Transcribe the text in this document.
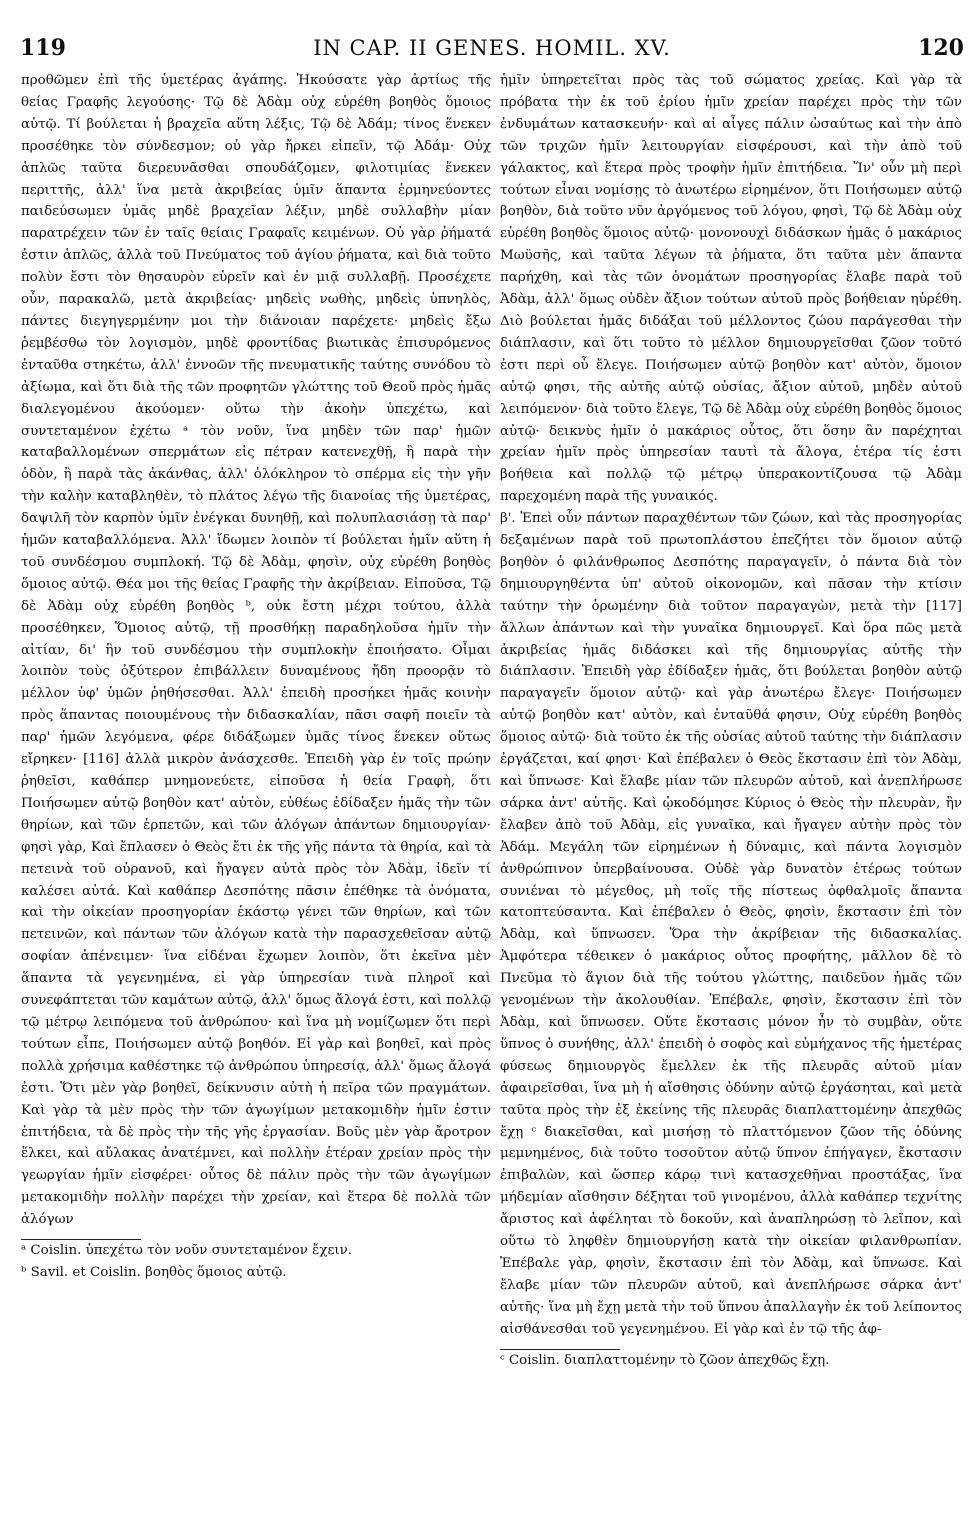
119	IN CAP. II GENES. HOMIL. XV.	120

προθῶμεν ἐπὶ τῆς ὑμετέρας ἀγάπης. Ἠκούσατε γὰρ ἀρτίως τῆς θείας Γραφῆς λεγούσης· Τῷ δὲ Ἀδὰμ οὐχ εὑρέθη βοηθὸς ὅμοιος αὐτῷ. Τί βούλεται ἡ βραχεῖα αὕτη λέξις, Τῷ δὲ Ἀδάμ; τίνος ἕνεκεν προσέθηκε τὸν σύνδεσμον; οὐ γὰρ ἤρκει εἰπεῖν, τῷ Ἀδάμ· Οὐχ ἁπλῶς ταῦτα διερευνᾶσθαι σπουδάζομεν, φιλοτιμίας ἕνεκεν περιττῆς, ἀλλ' ἵνα μετὰ ἀκριβείας ὑμῖν ἅπαντα ἑρμηνεύοντες παιδεύσωμεν ὑμᾶς μηδὲ βραχεῖαν λέξιν, μηδὲ συλλαβὴν μίαν παρατρέχειν τῶν ἐν ταῖς θείαις Γραφαῖς κειμένων. Οὐ γὰρ ῥήματά ἐστιν ἁπλῶς, ἀλλὰ τοῦ Πνεύματος τοῦ ἁγίου ῥήματα, καὶ διὰ τοῦτο πολὺν ἔστι τὸν θησαυρὸν εὑρεῖν καὶ ἐν μιᾷ συλλαβῇ. Προσέχετε οὖν, παρακαλῶ, μετὰ ἀκριβείας· μηδεὶς νωθὴς, μηδεὶς ὑπνηλὸς, πάντες διεγηγερμένην μοι τὴν διάνοιαν παρέχετε· μηδεὶς ἔξω ῥεμβέσθω τὸν λογισμὸν, μηδὲ φροντίδας βιωτικὰς ἐπισυρόμενος ἐνταῦθα στηκέτω, ἀλλ' ἐννοῶν τῆς πνευματικῆς ταύτης συνόδου τὸ ἀξίωμα, καὶ ὅτι διὰ τῆς τῶν προφητῶν γλώττης τοῦ Θεοῦ πρὸς ἡμᾶς διαλεγομένου ἀκούομεν· οὕτω τὴν ἀκοὴν ὑπεχέτω, καὶ συντεταμένον ἐχέτω ᵃ τὸν νοῦν, ἵνα μηδὲν τῶν παρ' ἡμῶν καταβαλλομένων σπερμάτων εἰς πέτραν κατενεχθῇ, ἢ παρὰ τὴν ὁδὸν, ἢ παρὰ τὰς ἀκάνθας, ἀλλ' ὁλόκληρον τὸ σπέρμα εἰς τὴν γῆν τὴν καλὴν καταβληθὲν, τὸ πλάτος λέγω τῆς διανοίας τῆς ὑμετέρας, δαψιλῆ τὸν καρπὸν ὑμῖν ἐνέγκαι δυνηθῇ, καὶ πολυπλασιάσῃ τὰ παρ' ἡμῶν καταβαλλόμενα. Ἀλλ' ἴδωμεν λοιπὸν τί βούλεται ἡμῖν αὕτη ἡ τοῦ συνδέσμου συμπλοκή. Τῷ δὲ Ἀδὰμ, φησὶν, οὐχ εὑρέθη βοηθὸς ὅμοιος αὐτῷ. Θέα μοι τῆς θείας Γραφῆς τὴν ἀκρίβειαν. Εἰποῦσα, Τῷ δὲ Ἀδὰμ οὐχ εὑρέθη βοηθὸς ᵇ, οὐκ ἔστη μέχρι τούτου, ἀλλὰ προσέθηκεν, Ὅμοιος αὐτῷ, τῇ προσθήκῃ παραδηλοῦσα ἡμῖν τὴν αἰτίαν, δι' ἣν τοῦ συνδέσμου τὴν συμπλοκὴν ἐποιήσατο. Οἶμαι λοιπὸν τοὺς ὀξύτερον ἐπιβάλλειν δυναμένους ἤδη προορᾷν τὸ μέλλον ὑφ' ὑμῶν ῥηθήσεσθαι. Ἀλλ' ἐπειδὴ προσήκει ἡμᾶς κοινὴν πρὸς ἅπαντας ποιουμένους τὴν διδασκαλίαν, πᾶσι σαφῆ ποιεῖν τὰ παρ' ἡμῶν λεγόμενα, φέρε διδάξωμεν ὑμᾶς τίνος ἕνεκεν οὕτως εἴρηκεν· [116] ἀλλὰ μικρὸν ἀνάσχεσθε. Ἐπειδὴ γὰρ ἐν τοῖς πρώην ῥηθεῖσι, καθάπερ μνημονεύετε, εἰποῦσα ἡ θεία Γραφὴ, ὅτι Ποιήσωμεν αὐτῷ βοηθὸν κατ' αὐτὸν, εὐθέως ἐδίδαξεν ἡμᾶς τὴν τῶν θηρίων, καὶ τῶν ἑρπετῶν, καὶ τῶν ἀλόγων ἁπάντων δημιουργίαν· φησὶ γὰρ, Καὶ ἔπλασεν ὁ Θεὸς ἔτι ἐκ τῆς γῆς πάντα τὰ θηρία, καὶ τὰ πετεινὰ τοῦ οὐρανοῦ, καὶ ἤγαγεν αὐτὰ πρὸς τὸν Ἀδὰμ, ἰδεῖν τί καλέσει αὐτά. Καὶ καθάπερ Δεσπότης πᾶσιν ἐπέθηκε τὰ ὀνόματα, καὶ τὴν οἰκείαν προσηγορίαν ἑκάστῳ γένει τῶν θηρίων, καὶ τῶν πετεινῶν, καὶ πάντων τῶν ἀλόγων κατὰ τὴν παρασχεθεῖσαν αὐτῷ σοφίαν ἀπένειμεν· ἵνα εἰδέναι ἔχωμεν λοιπὸν, ὅτι ἐκεῖνα μὲν ἅπαντα τὰ γεγενημένα, εἰ γὰρ ὑπηρεσίαν τινὰ πληροῖ καὶ συνεφάπτεται τῶν καμάτων αὐτῷ, ἀλλ' ὅμως ἄλογά ἐστι, καὶ πολλῷ τῷ μέτρῳ λειπόμενα τοῦ ἀνθρώπου· καὶ ἵνα μὴ νομίζωμεν ὅτι περὶ τούτων εἶπε, Ποιήσωμεν αὐτῷ βοηθόν. Εἰ γὰρ καὶ βοηθεῖ, καὶ πρὸς πολλὰ χρήσιμα καθέστηκε τῷ ἀνθρώπου ὑπηρεσίᾳ, ἀλλ' ὅμως ἄλογά ἐστι. Ὅτι μὲν γὰρ βοηθεῖ, δείκνυσιν αὐτὴ ἡ πεῖρα τῶν πραγμάτων. Καὶ γὰρ τὰ μὲν πρὸς τὴν τῶν ἀγωγίμων μετακομιδὴν ἡμῖν ἐστιν ἐπιτήδεια, τὰ δὲ πρὸς τὴν τῆς γῆς ἐργασίαν. Βοῦς μὲν γὰρ ἄροτρον ἕλκει, καὶ αὔλακας ἀνατέμνει, καὶ πολλὴν ἑτέραν χρείαν πρὸς τὴν γεωργίαν ἡμῖν εἰσφέρει· οὗτος δὲ πάλιν πρὸς τὴν τῶν ἀγωγίμων μετακομιδὴν πολλὴν παρέχει τὴν χρείαν, καὶ ἕτερα δὲ πολλὰ τῶν ἀλόγων

ᵃ Coislin. ὑπεχέτω τὸν νοῦν συντεταμένον ἔχειν.

ᵇ Savil. et Coislin. βοηθὸς ὅμοιος αὐτῷ.

ἡμῖν ὑπηρετεῖται πρὸς τὰς τοῦ σώματος χρείας. Καὶ γὰρ τὰ πρόβατα τὴν ἐκ τοῦ ἐρίου ἡμῖν χρείαν παρέχει πρὸς τὴν τῶν ἐνδυμάτων κατασκευήν· καὶ αἱ αἶγες πάλιν ὡσαύτως καὶ τὴν ἀπὸ τῶν τριχῶν ἡμῖν λειτουργίαν εἰσφέρουσι, καὶ τὴν ἀπὸ τοῦ γάλακτος, καὶ ἕτερα πρὸς τροφὴν ἡμῖν ἐπιτήδεια. Ἵν' οὖν μὴ περὶ τούτων εἶναι νομίσῃς τὸ ἀνωτέρω εἰρημένον, ὅτι Ποιήσωμεν αὐτῷ βοηθὸν, διὰ τοῦτο νῦν ἀργόμενος τοῦ λόγου, φησὶ, Τῷ δὲ Ἀδὰμ οὐχ εὑρέθη βοηθὸς ὅμοιος αὐτῷ· μονονουχὶ διδάσκων ἡμᾶς ὁ μακάριος Μωϋσῆς, καὶ ταῦτα λέγων τὰ ῥήματα, ὅτι ταῦτα μὲν ἅπαντα παρήχθη, καὶ τὰς τῶν ὀνομάτων προσηγορίας ἔλαβε παρὰ τοῦ Ἀδὰμ, ἀλλ' ὅμως οὐδὲν ἄξιον τούτων αὐτοῦ πρὸς βοήθειαν ηὑρέθη. Διὸ βούλεται ἡμᾶς διδάξαι τοῦ μέλλοντος ζώου παράγεσθαι τὴν διάπλασιν, καὶ ὅτι τοῦτο τὸ μέλλον δημιουργεῖσθαι ζῶον τοῦτό ἐστι περὶ οὗ ἔλεγε. Ποιήσωμεν αὐτῷ βοηθὸν κατ' αὐτὸν, ὅμοιον αὐτῷ φησι, τῆς αὐτῆς αὐτῷ οὐσίας, ἄξιον αὐτοῦ, μηδὲν αὐτοῦ λειπόμενον· διὰ τοῦτο ἔλεγε, Τῷ δὲ Ἀδὰμ οὐχ εὑρέθη βοηθὸς ὅμοιος αὐτῷ· δεικνὺς ἡμῖν ὁ μακάριος οὗτος, ὅτι ὅσην ἂν παρέχηται χρείαν ἡμῖν πρὸς ὑπηρεσίαν ταυτὶ τὰ ἄλογα, ἑτέρα τίς ἐστι βοήθεια καὶ πολλῷ τῷ μέτρῳ ὑπερακοντίζουσα τῷ Ἀδὰμ παρεχομένη παρὰ τῆς γυναικός.

β'. Ἐπεὶ οὖν πάντων παραχθέντων τῶν ζώων, καὶ τὰς προσηγορίας δεξαμένων παρὰ τοῦ πρωτοπλάστου ἐπεζήτει τὸν ὅμοιον αὐτῷ βοηθὸν ὁ φιλάνθρωπος Δεσπότης παραγαγεῖν, ὁ πάντα διὰ τὸν δημιουργηθέντα ὑπ' αὐτοῦ οἰκονομῶν, καὶ πᾶσαν τὴν κτίσιν ταύτην τὴν ὁρωμένην διὰ τοῦτον παραγαγὼν, μετὰ τὴν [117] ἄλλων ἁπάντων καὶ τὴν γυναῖκα δημιουργεῖ. Καὶ ὅρα πῶς μετὰ ἀκριβείας ἡμᾶς διδάσκει καὶ τῆς δημιουργίας αὐτῆς τὴν διάπλασιν. Ἐπειδὴ γὰρ ἐδίδαξεν ἡμᾶς, ὅτι βούλεται βοηθὸν αὐτῷ παραγαγεῖν ὅμοιον αὐτῷ· καὶ γὰρ ἀνωτέρω ἔλεγε· Ποιήσωμεν αὐτῷ βοηθὸν κατ' αὐτὸν, καὶ ἐνταῦθά φησιν, Οὐχ εὑρέθη βοηθὸς ὅμοιος αὐτῷ· διὰ τοῦτο ἐκ τῆς οὐσίας αὐτοῦ ταύτης τὴν διάπλασιν ἐργάζεται, καί φησι· Καὶ ἐπέβαλεν ὁ Θεὸς ἔκστασιν ἐπὶ τὸν Ἀδὰμ, καὶ ὕπνωσε· Καὶ ἔλαβε μίαν τῶν πλευρῶν αὐτοῦ, καὶ ἀνεπλήρωσε σάρκα ἀντ' αὐτῆς. Καὶ ᾠκοδόμησε Κύριος ὁ Θεὸς τὴν πλευρὰν, ἣν ἔλαβεν ἀπὸ τοῦ Ἀδὰμ, εἰς γυναῖκα, καὶ ἤγαγεν αὐτὴν πρὸς τὸν Ἀδάμ. Μεγάλη τῶν εἰρημένων ἡ δύναμις, καὶ πάντα λογισμὸν ἀνθρώπινον ὑπερβαίνουσα. Οὐδὲ γὰρ δυνατὸν ἑτέρως τούτων συνιέναι τὸ μέγεθος, μὴ τοῖς τῆς πίστεως ὀφθαλμοῖς ἅπαντα κατοπτεύσαντα. Καὶ ἐπέβαλεν ὁ Θεὸς, φησὶν, ἔκστασιν ἐπὶ τὸν Ἀδὰμ, καὶ ὕπνωσεν. Ὅρα τὴν ἀκρίβειαν τῆς διδασκαλίας. Ἀμφότερα τέθεικεν ὁ μακάριος οὗτος προφήτης, μᾶλλον δὲ τὸ Πνεῦμα τὸ ἅγιον διὰ τῆς τούτου γλώττης, παιδεῦον ἡμᾶς τῶν γενομένων τὴν ἀκολουθίαν. Ἐπέβαλε, φησὶν, ἔκστασιν ἐπὶ τὸν Ἀδὰμ, καὶ ὕπνωσεν. Οὔτε ἔκστασις μόνον ἦν τὸ συμβὰν, οὔτε ὕπνος ὁ συνήθης, ἀλλ' ἐπειδὴ ὁ σοφὸς καὶ εὐμήχανος τῆς ἡμετέρας φύσεως δημιουργὸς ἔμελλεν ἐκ τῆς πλευρᾶς αὐτοῦ μίαν ἀφαιρεῖσθαι, ἵνα μὴ ἡ αἴσθησις ὀδύνην αὐτῷ ἐργάσηται, καὶ μετὰ ταῦτα πρὸς τὴν ἐξ ἐκείνης τῆς πλευρᾶς διαπλαττομένην ἀπεχθῶς ἔχῃ ᶜ διακεῖσθαι, καὶ μισήσῃ τὸ πλαττόμενον ζῶον τῆς ὀδύνης μεμνημένος, διὰ τοῦτο τοσοῦτον αὐτῷ ὕπνον ἐπήγαγεν, ἔκστασιν ἐπιβαλὼν, καὶ ὥσπερ κάρῳ τινὶ κατασχεθῆναι προστάξας, ἵνα μήδεμίαν αἴσθησιν δέξηται τοῦ γινομένου, ἀλλὰ καθάπερ τεχνίτης ἄριστος καὶ ἀφέληται τὸ δοκοῦν, καὶ ἀναπληρώσῃ τὸ λεῖπον, καὶ οὕτω τὸ ληφθὲν δημιουργήσῃ κατὰ τὴν οἰκείαν φιλανθρωπίαν. Ἐπέβαλε γὰρ, φησὶν, ἔκστασιν ἐπὶ τὸν Ἀδὰμ, καὶ ὕπνωσε. Καὶ ἔλαβε μίαν τῶν πλευρῶν αὐτοῦ, καὶ ἀνεπλήρωσε σάρκα ἀντ' αὐτῆς· ἵνα μὴ ἔχῃ μετὰ τὴν τοῦ ὕπνου ἀπαλλαγὴν ἐκ τοῦ λείποντος αἰσθάνεσθαι τοῦ γεγενημένου. Εἰ γὰρ καὶ ἐν τῷ τῆς ἀφ-

ᶜ Coislin. διαπλαττομένην τὸ ζῶον ἀπεχθῶς ἔχῃ.
